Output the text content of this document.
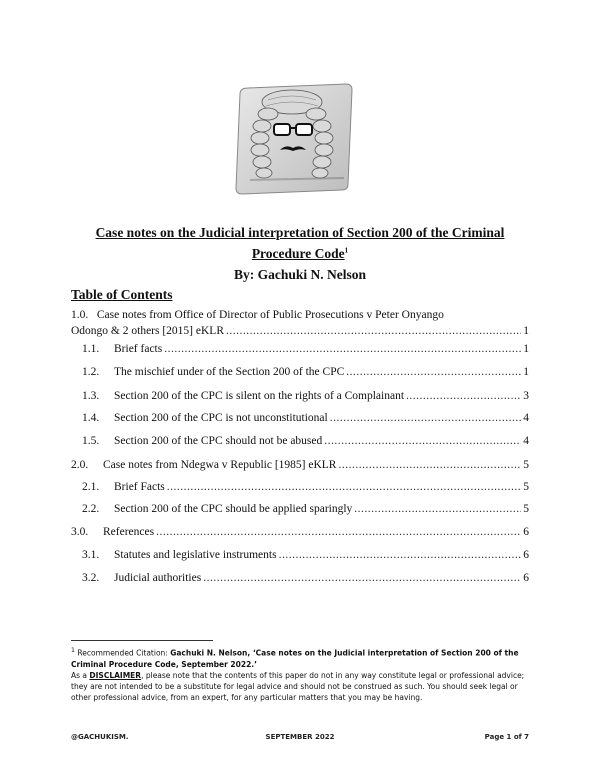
Case notes on the Judicial interpretation of Section 200 of the Criminal
Procedure Code$^1$
By: Gachuki N. Nelson
Table of Contents
1.0. Case notes from Office of Director of Public Prosecutions v Peter Onyango
Odongo & 2 others [2015] eKLR .....	1
1.1.	Brief facts .....	1
1.2.	The mischief under of the Section 200 of the CPC .....	1
1.3.	Section 200 of the CPC is silent on the rights of a Complainant .....	3
1.4.	Section 200 of the CPC is not unconstitutional .....	4
1.5.	Section 200 of the CPC should not be abused .....	4
2.0.	Case notes from Ndegwa v Republic [1985] eKLR .....	5
2.1.	Brief Facts .....	5
2.2.	Section 200 of the CPC should be applied sparingly .....	5
3.0.	References .....	6
3.1.	Statutes and legislative instruments .....	6
3.2.	Judicial authorities .....	6
$^1$ Recommended Citation: Gachuki N. Nelson, ‘Case notes on the Judicial interpretation of Section 200 of the Criminal Procedure Code, September 2022.’
As a DISCLAIMER, please note that the contents of this paper do not in any way constitute legal or professional advice; they are not intended to be a substitute for legal advice and should not be construed as such. You should seek legal or other professional advice, from an expert, for any particular matters that you may be having.
@GACHUKISM.	SEPTEMBER 2022	Page 1 of 7
